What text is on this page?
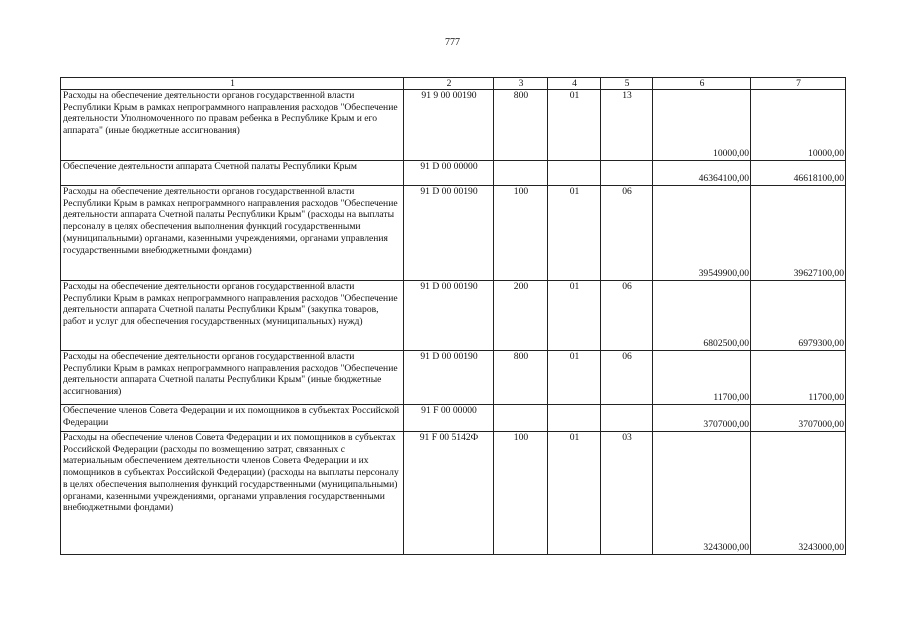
777
1	2	3	4	5	6	7
Расходы на обеспечение деятельности органов государственной власти Республики Крым в рамках непрограммного направления расходов "Обеспечение деятельности Уполномоченного по правам ребенка в Республике Крым и его аппарата" (иные бюджетные ассигнования)	91 9 00 00190	800	01	13	10000,00	10000,00
Обеспечение деятельности аппарата Счетной палаты Республики Крым	91 D 00 00000				46364100,00	46618100,00
Расходы на обеспечение деятельности органов государственной власти Республики Крым в рамках непрограммного направления расходов "Обеспечение деятельности аппарата Счетной палаты Республики Крым" (расходы на выплаты персоналу в целях обеспечения выполнения функций государственными (муниципальными) органами, казенными учреждениями, органами управления государственными внебюджетными фондами)	91 D 00 00190	100	01	06	39549900,00	39627100,00
Расходы на обеспечение деятельности органов государственной власти Республики Крым в рамках непрограммного направления расходов "Обеспечение деятельности аппарата Счетной палаты Республики Крым" (закупка товаров, работ и услуг для обеспечения государственных (муниципальных) нужд)	91 D 00 00190	200	01	06	6802500,00	6979300,00
Расходы на обеспечение деятельности органов государственной власти Республики Крым в рамках непрограммного направления расходов "Обеспечение деятельности аппарата Счетной палаты Республики Крым" (иные бюджетные ассигнования)	91 D 00 00190	800	01	06	11700,00	11700,00
Обеспечение членов Совета Федерации и их помощников в субъектах Российской Федерации	91 F 00 00000				3707000,00	3707000,00
Расходы на обеспечение членов Совета Федерации и их помощников в субъектах Российской Федерации (расходы по возмещению затрат, связанных с материальным обеспечением деятельности членов Совета Федерации и их помощников в субъектах Российской Федерации) (расходы на выплаты персоналу в целях обеспечения выполнения функций государственными (муниципальными) органами, казенными учреждениями, органами управления государственными внебюджетными фондами)	91 F 00 5142Ф	100	01	03	3243000,00	3243000,00
